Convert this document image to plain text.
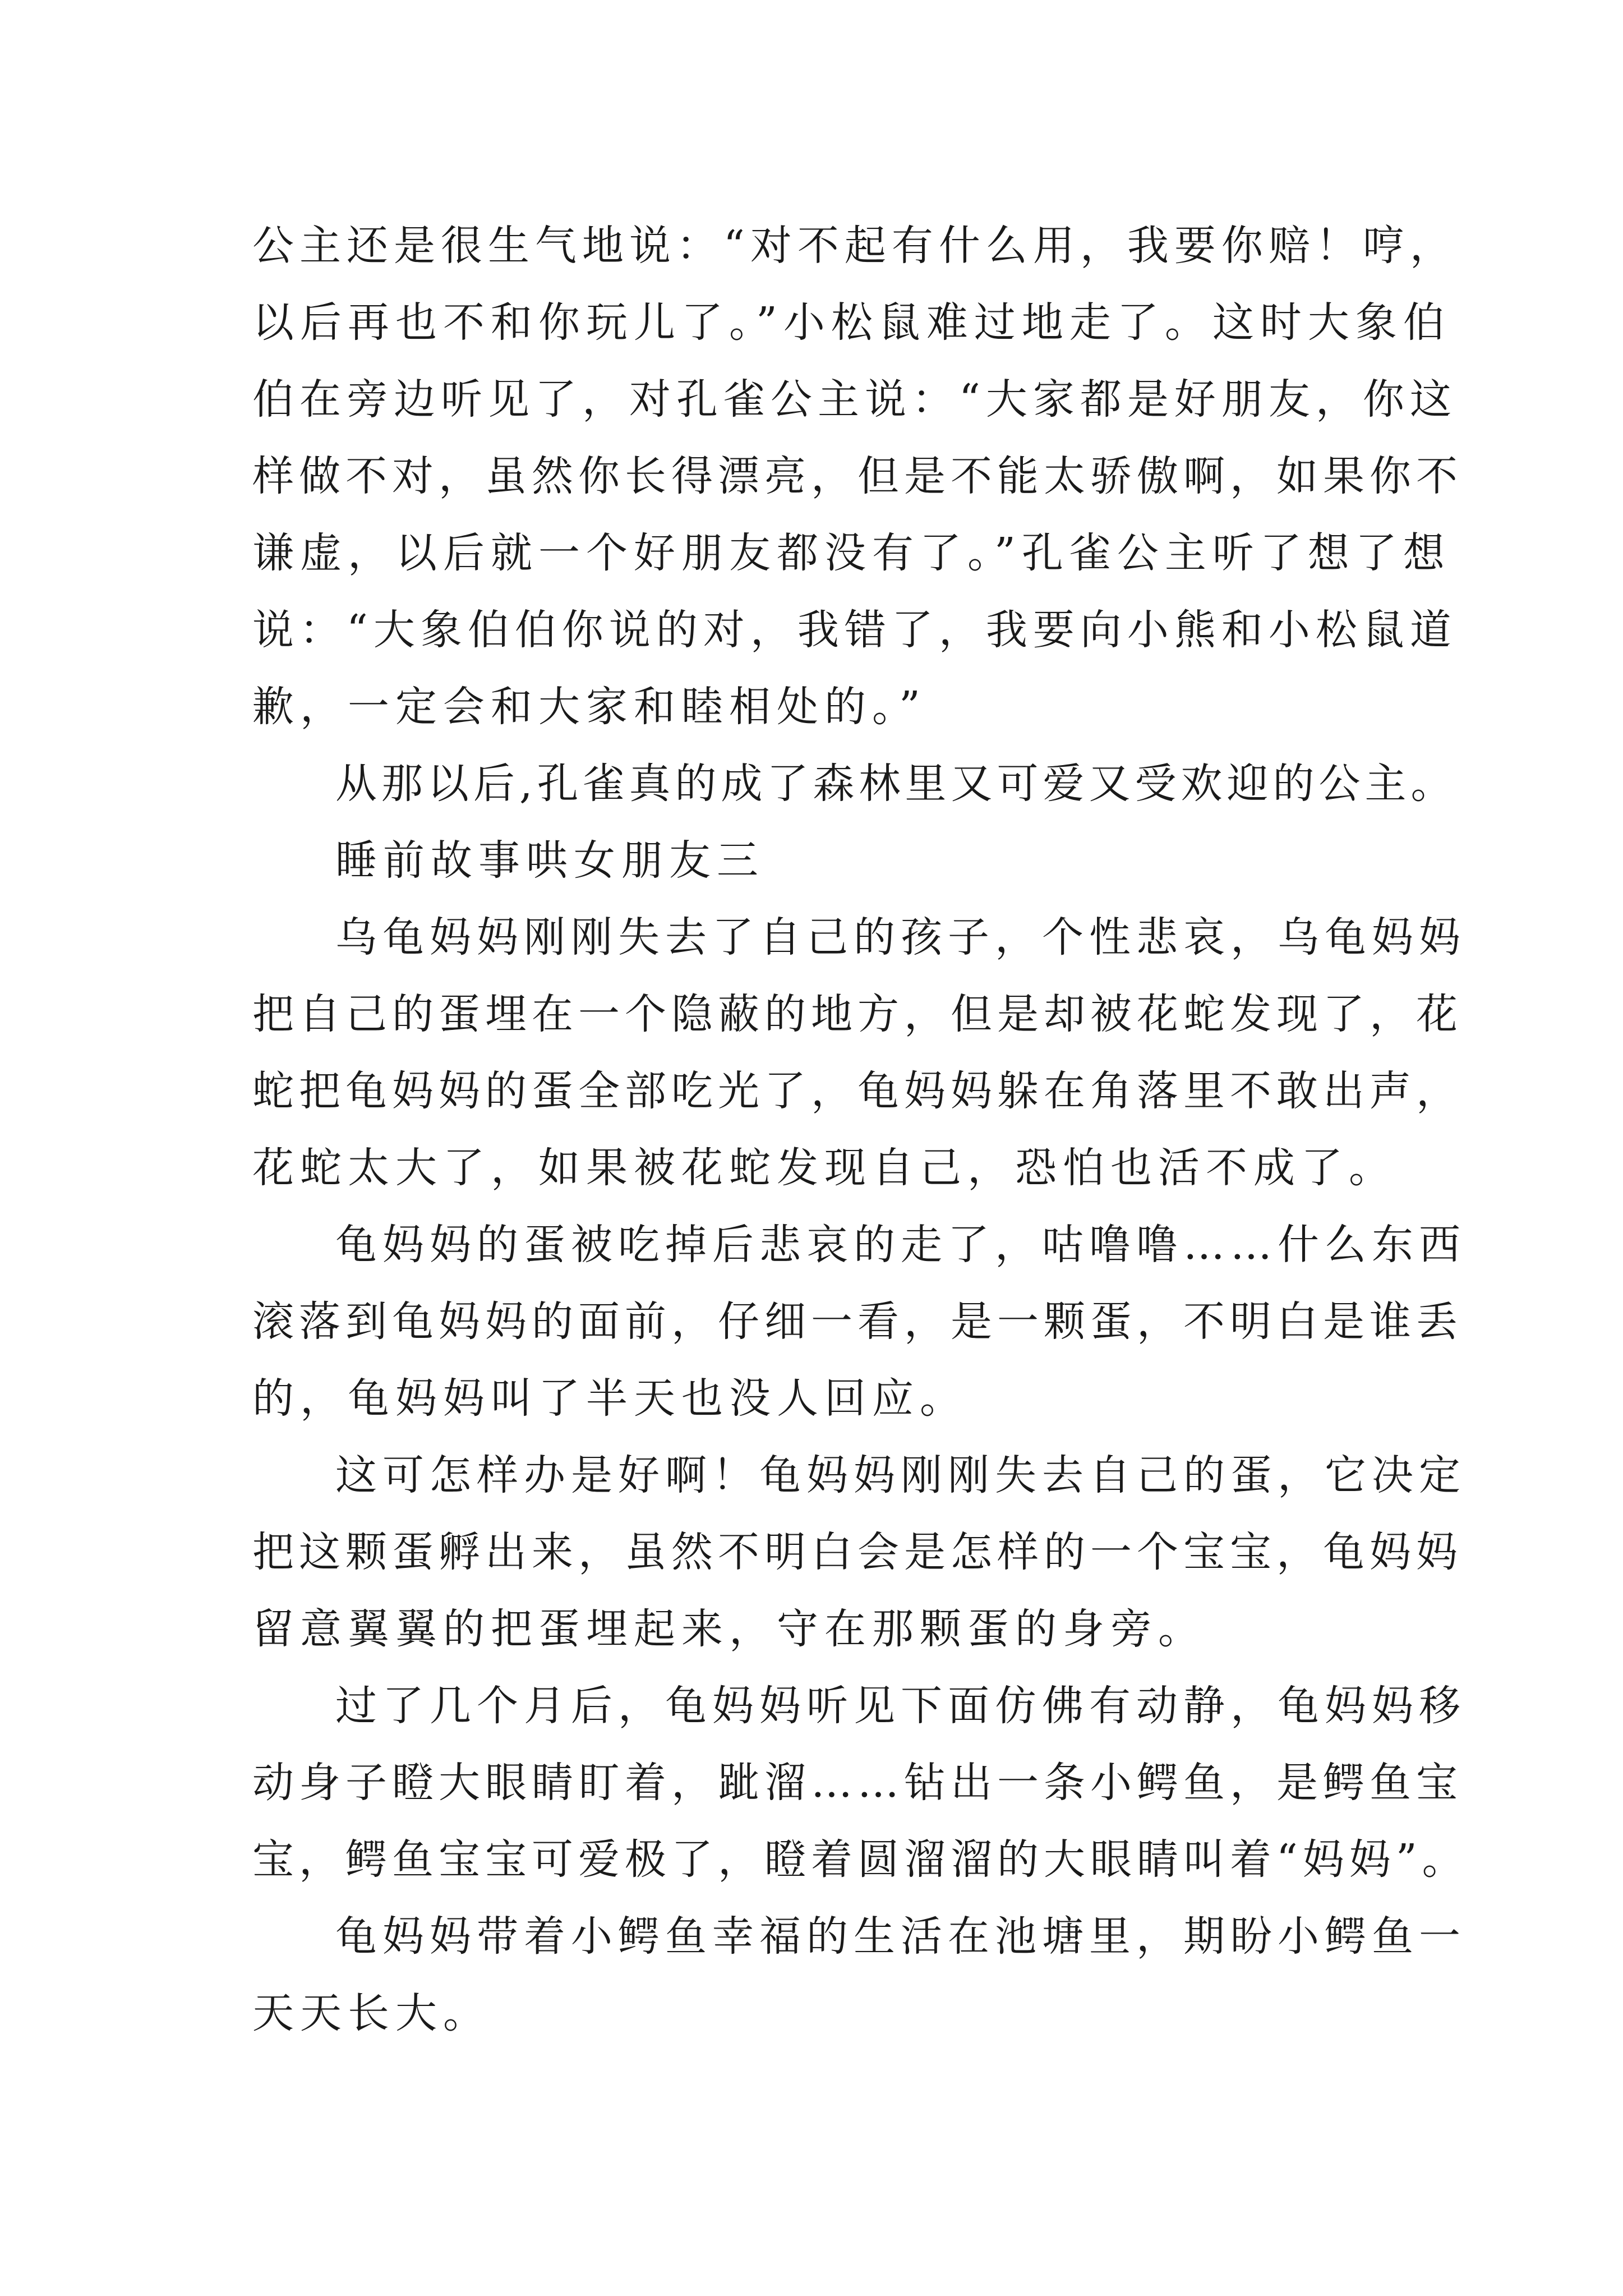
公主还是很生气地说：“对不起有什么用，我要你赔！哼，
以后再也不和你玩儿了。”小松鼠难过地走了。这时大象伯
伯在旁边听见了，对孔雀公主说：“大家都是好朋友，你这
样做不对，虽然你长得漂亮，但是不能太骄傲啊，如果你不
谦虚，以后就一个好朋友都没有了。”孔雀公主听了想了想
说：“大象伯伯你说的对，我错了，我要向小熊和小松鼠道
歉，一定会和大家和睦相处的。”
从那以后,孔雀真的成了森林里又可爱又受欢迎的公主。
睡前故事哄女朋友三
乌龟妈妈刚刚失去了自己的孩子，个性悲哀，乌龟妈妈
把自己的蛋埋在一个隐蔽的地方，但是却被花蛇发现了，花
蛇把龟妈妈的蛋全部吃光了，龟妈妈躲在角落里不敢出声，
花蛇太大了，如果被花蛇发现自己，恐怕也活不成了。
龟妈妈的蛋被吃掉后悲哀的走了，咕噜噜……什么东西
滚落到龟妈妈的面前，仔细一看，是一颗蛋，不明白是谁丢
的，龟妈妈叫了半天也没人回应。
这可怎样办是好啊！龟妈妈刚刚失去自己的蛋，它决定
把这颗蛋孵出来，虽然不明白会是怎样的一个宝宝，龟妈妈
留意翼翼的把蛋埋起来，守在那颗蛋的身旁。
过了几个月后，龟妈妈听见下面仿佛有动静，龟妈妈移
动身子瞪大眼睛盯着，跐溜……钻出一条小鳄鱼，是鳄鱼宝
宝，鳄鱼宝宝可爱极了，瞪着圆溜溜的大眼睛叫着“妈妈”。
龟妈妈带着小鳄鱼幸福的生活在池塘里，期盼小鳄鱼一
天天长大。
